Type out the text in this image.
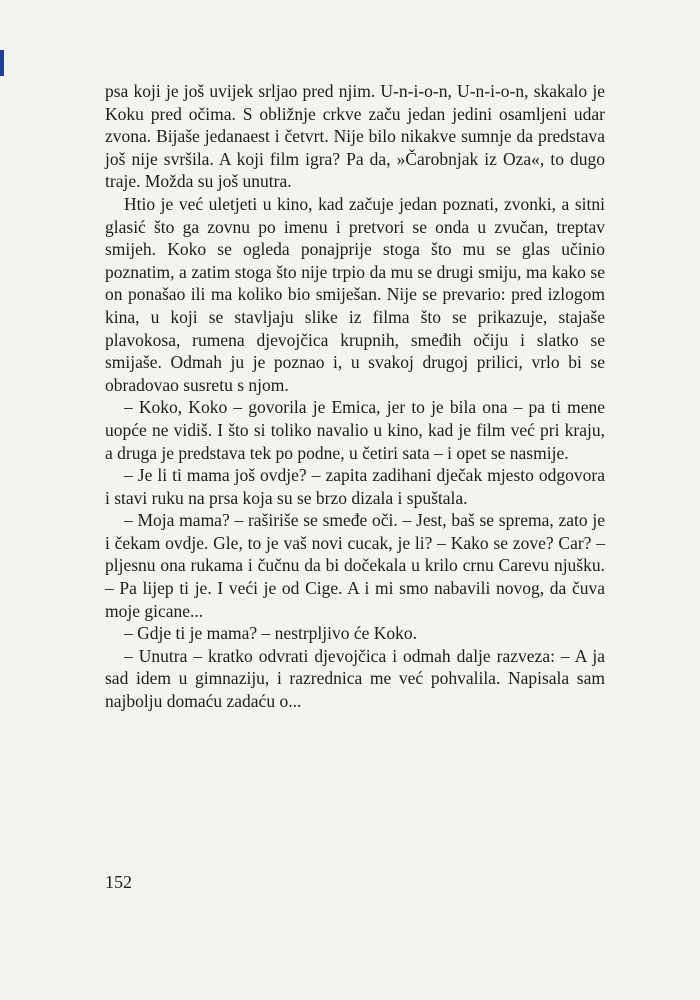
psa koji je još uvijek srljao pred njim. U-n-i-o-n, U-n-i-o-n, skakalo je Koku pred očima. S obližnje crkve začu jedan jedini osamljeni udar zvona. Bijaše jedanaest i četvrt. Nije bilo nikakve sumnje da predstava još nije svršila. A koji film igra? Pa da, »Čarobnjak iz Oza«, to dugo traje. Možda su još unutra.

Htio je već uletjeti u kino, kad začuje jedan poznati, zvonki, a sitni glasić što ga zovnu po imenu i pretvori se onda u zvučan, treptav smijeh. Koko se ogleda ponajprije stoga što mu se glas učinio poznatim, a zatim stoga što nije trpio da mu se drugi smiju, ma kako se on ponašao ili ma koliko bio smiješan. Nije se prevario: pred izlogom kina, u koji se stavljaju slike iz filma što se prikazuje, stajaše plavokosa, rumena djevojčica krupnih, smeđih očiju i slatko se smijaše. Odmah ju je poznao i, u svakoj drugoj prilici, vrlo bi se obradovao susretu s njom.

– Koko, Koko – govorila je Emica, jer to je bila ona – pa ti mene uopće ne vidiš. I što si toliko navalio u kino, kad je film već pri kraju, a druga je predstava tek po podne, u četiri sata – i opet se nasmije.

– Je li ti mama još ovdje? – zapita zadihani dječak mjesto odgovora i stavi ruku na prsa koja su se brzo dizala i spuštala.

– Moja mama? – raširiše se smeđe oči. – Jest, baš se sprema, zato je i čekam ovdje. Gle, to je vaš novi cucak, je li? – Kako se zove? Car? – pljesnu ona rukama i čučnu da bi dočekala u krilo crnu Carevu njušku. – Pa lijep ti je. I veći je od Cige. A i mi smo nabavili novog, da čuva moje gicane...

– Gdje ti je mama? – nestrpljivo će Koko.

– Unutra – kratko odvrati djevojčica i odmah dalje razveza: – A ja sad idem u gimnaziju, i razrednica me već pohvalila. Napisala sam najbolju domaću zadaću o...

152
